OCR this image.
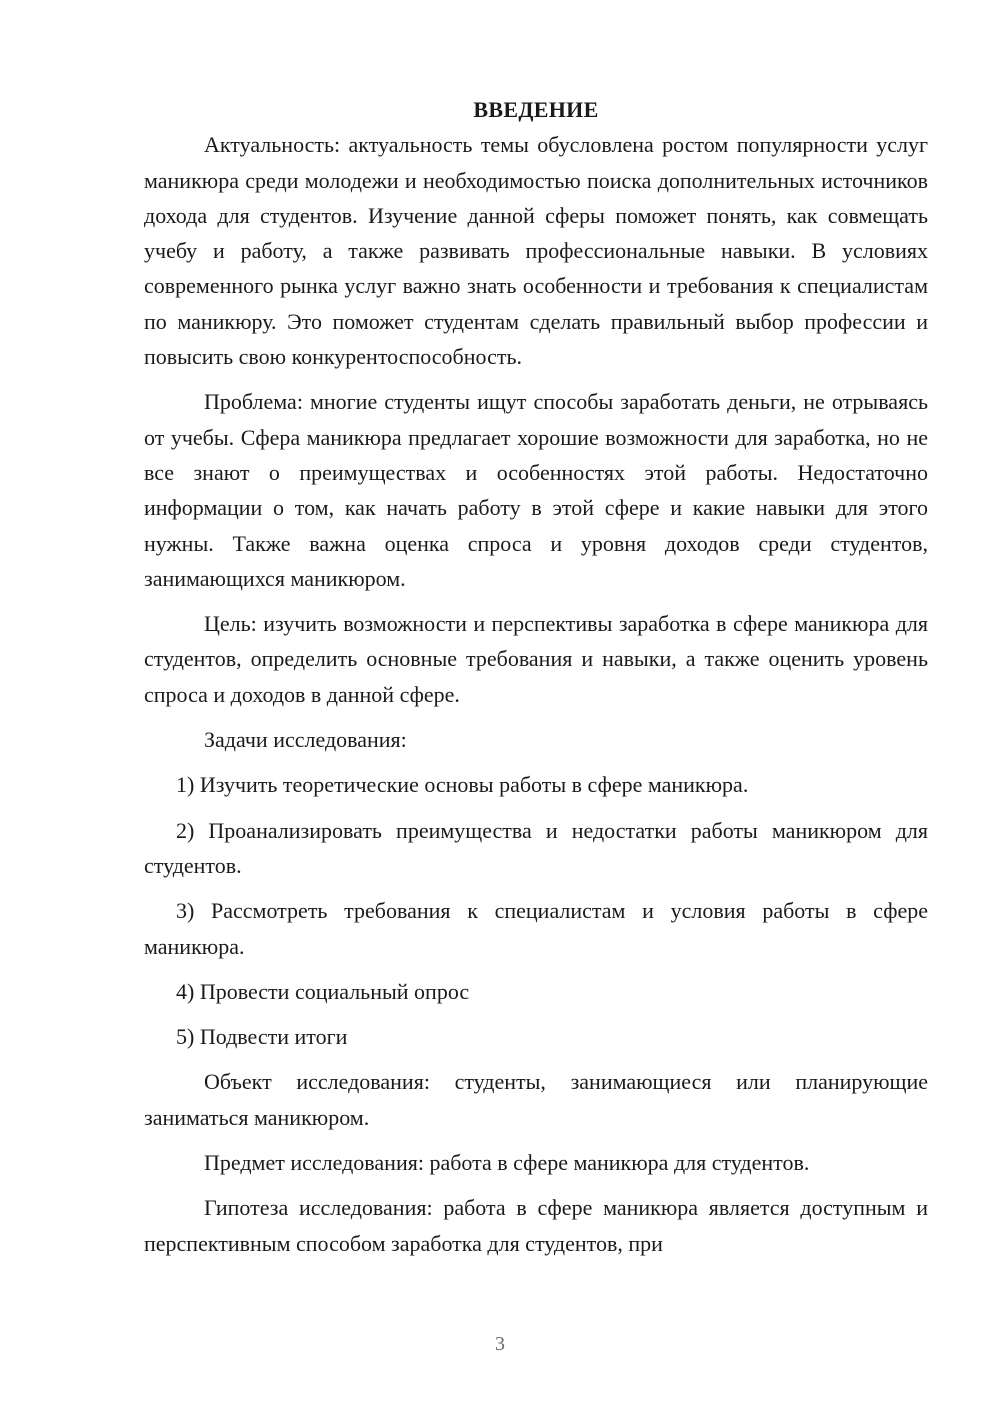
ВВЕДЕНИЕ

Актуальность: актуальность темы обусловлена ростом популярности услуг маникюра среди молодежи и необходимостью поиска дополнительных источников дохода для студентов. Изучение данной сферы поможет понять, как совмещать учебу и работу, а также развивать профессиональные навыки. В условиях современного рынка услуг важно знать особенности и требования к специалистам по маникюру. Это поможет студентам сделать правильный выбор профессии и повысить свою конкурентоспособность.

Проблема: многие студенты ищут способы заработать деньги, не отрываясь от учебы. Сфера маникюра предлагает хорошие возможности для заработка, но не все знают о преимуществах и особенностях этой работы. Недостаточно информации о том, как начать работу в этой сфере и какие навыки для этого нужны. Также важна оценка спроса и уровня доходов среди студентов, занимающихся маникюром.

Цель: изучить возможности и перспективы заработка в сфере маникюра для студентов, определить основные требования и навыки, а также оценить уровень спроса и доходов в данной сфере.

Задачи исследования:

1) Изучить теоретические основы работы в сфере маникюра.

2) Проанализировать преимущества и недостатки работы маникюром для студентов.

3) Рассмотреть требования к специалистам и условия работы в сфере маникюра.

4) Провести социальный опрос

5) Подвести итоги

Объект исследования: студенты, занимающиеся или планирующие заниматься маникюром.

Предмет исследования: работа в сфере маникюра для студентов.

Гипотеза исследования: работа в сфере маникюра является доступным и перспективным способом заработка для студентов, при

3
